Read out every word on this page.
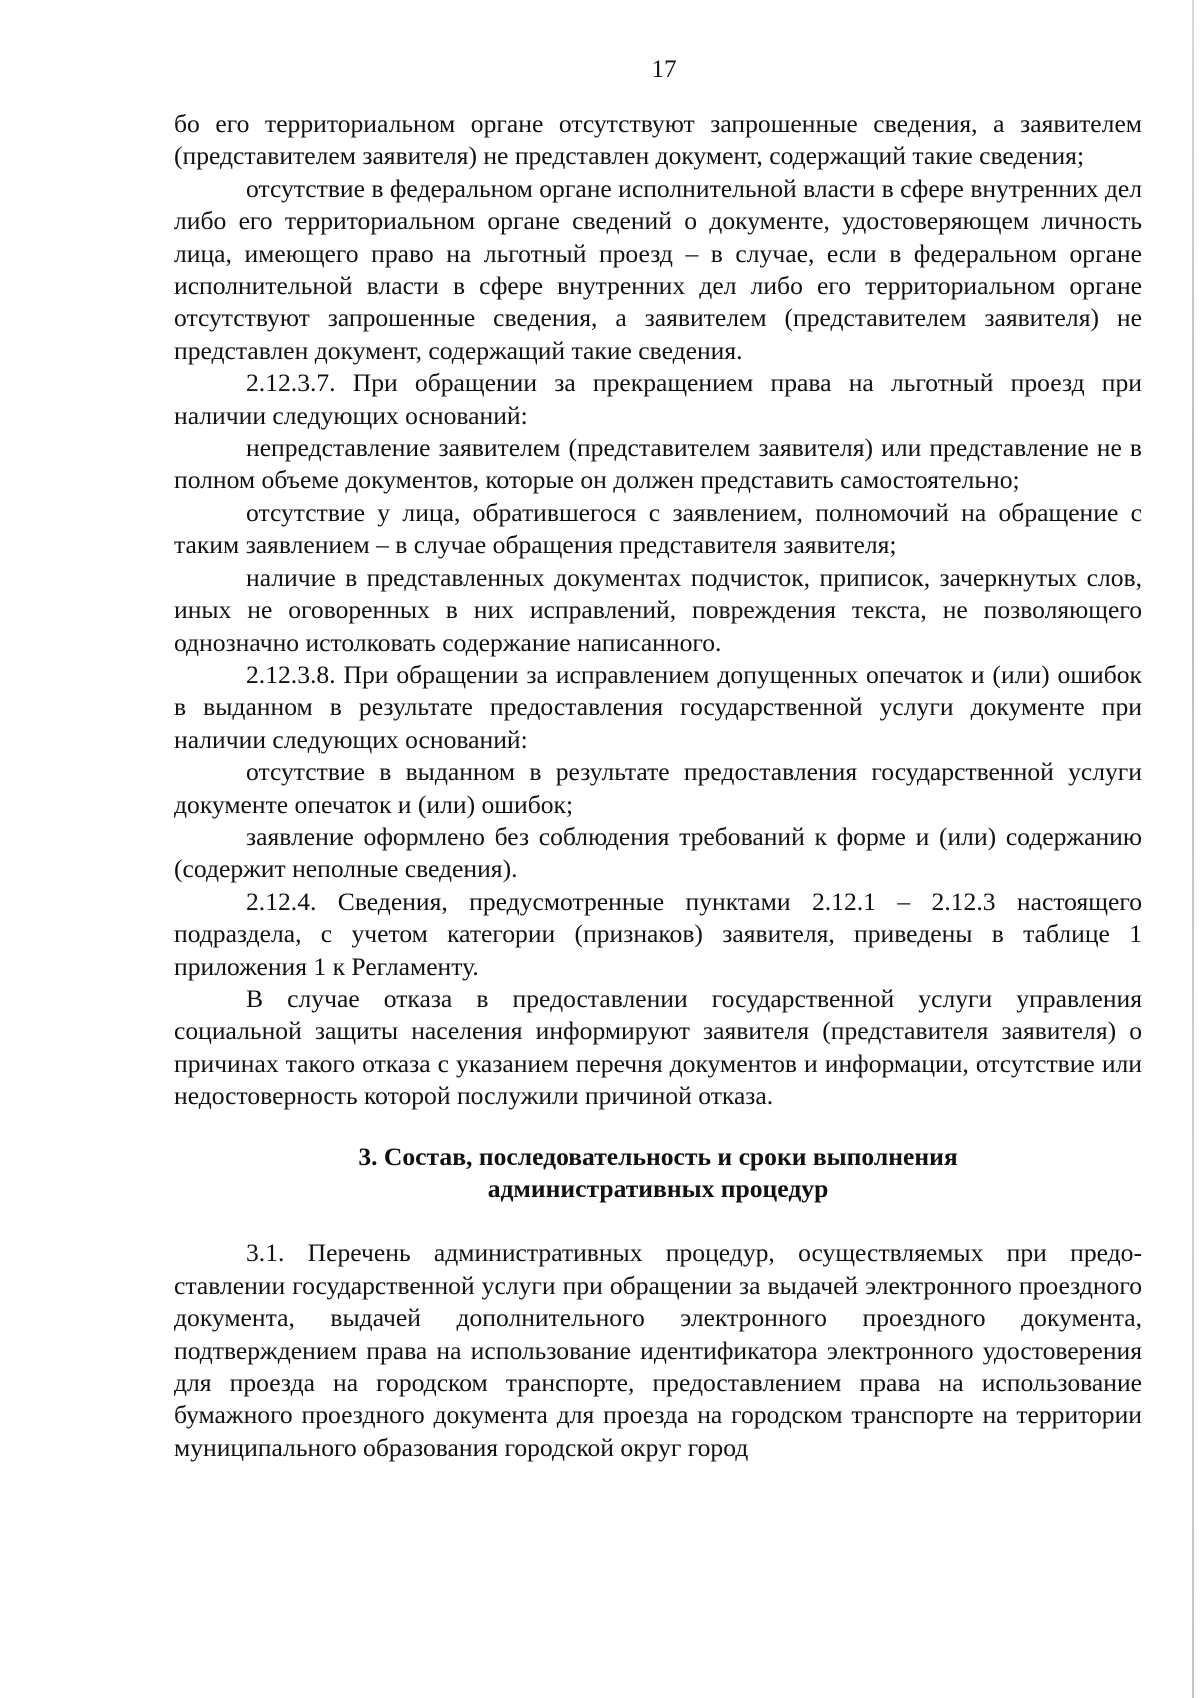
17

бо его территориальном органе отсутствуют запрошенные сведения, а заявителем (представителем заявителя) не представлен документ, содержащий такие сведения;

отсутствие в федеральном органе исполнительной власти в сфере внутренних дел либо его территориальном органе сведений о документе, удостоверяющем личность лица, имеющего право на льготный проезд – в случае, если в федеральном органе исполнительной власти в сфере внутренних дел либо его территориальном органе отсутствуют запрошенные сведения, а заявителем (представителем заявителя) не представлен документ, содержащий такие сведения.

2.12.3.7. При обращении за прекращением права на льготный проезд при наличии следующих оснований:

непредставление заявителем (представителем заявителя) или представление не в полном объеме документов, которые он должен представить самостоятельно;

отсутствие у лица, обратившегося с заявлением, полномочий на обращение с таким заявлением – в случае обращения представителя заявителя;

наличие в представленных документах подчисток, приписок, зачеркнутых слов, иных не оговоренных в них исправлений, повреждения текста, не позволяющего однозначно истолковать содержание написанного.

2.12.3.8. При обращении за исправлением допущенных опечаток и (или) ошибок в выданном в результате предоставления государственной услуги документе при наличии следующих оснований:

отсутствие в выданном в результате предоставления государственной услуги документе опечаток и (или) ошибок;

заявление оформлено без соблюдения требований к форме и (или) содержанию (содержит неполные сведения).

2.12.4. Сведения, предусмотренные пунктами 2.12.1 – 2.12.3 настоящего подраздела, с учетом категории (признаков) заявителя, приведены в таблице 1 приложения 1 к Регламенту.

В случае отказа в предоставлении государственной услуги управления социальной защиты населения информируют заявителя (представителя заявителя) о причинах такого отказа с указанием перечня документов и информации, отсутствие или недостоверность которой послужили причиной отказа.

3. Состав, последовательность и сроки выполнения
административных процедур

3.1. Перечень административных процедур, осуществляемых при предоставлении государственной услуги при обращении за выдачей электронного проездного документа, выдачей дополнительного электронного проездного документа, подтверждением права на использование идентификатора электронного удостоверения для проезда на городском транспорте, предоставлением права на использование бумажного проездного документа для проезда на городском транспорте на территории муниципального образования городской округ город
